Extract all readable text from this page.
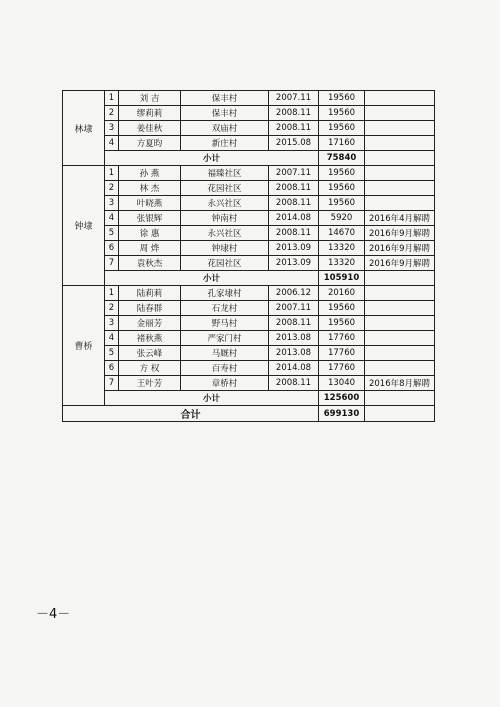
林埭	1	刘 吉	保丰村	2007.11	19560	
	2	缪莉莉	保丰村	2008.11	19560	
	3	姜佳秋	双庙村	2008.11	19560	
	4	方夏昀	新庄村	2015.08	17160	
	小计				75840	
钟埭	1	孙 燕	福臻社区	2007.11	19560	
	2	林 杰	花园社区	2008.11	19560	
	3	叶晓燕	永兴社区	2008.11	19560	
	4	张银辉	钟南村	2014.08	5920	2016年4月解聘
	5	徐 惠	永兴社区	2008.11	14670	2016年9月解聘
	6	周 烨	钟埭村	2013.09	13320	2016年9月解聘
	7	袁秋杰	花园社区	2013.09	13320	2016年9月解聘
	小计				105910	
曹桥	1	陆莉莉	孔家埭村	2006.12	20160	
	2	陆春群	石龙村	2007.11	19560	
	3	金丽芳	野马村	2008.11	19560	
	4	褚秋燕	严家门村	2013.08	17760	
	5	张云峰	马厩村	2013.08	17760	
	6	方 权	百寿村	2014.08	17760	
	7	王叶芳	章桥村	2008.11	13040	2016年8月解聘
	小计				125600	
合计					699130	
－4－
